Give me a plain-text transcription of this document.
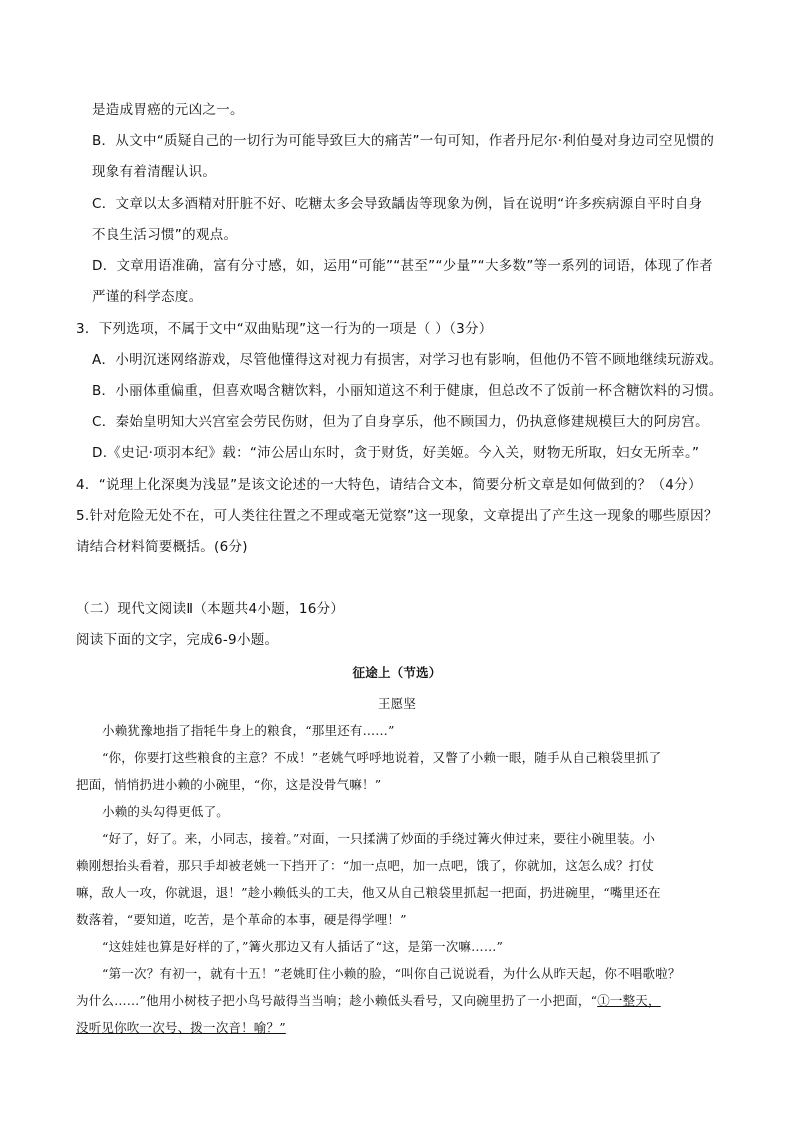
是造成胃癌的元凶之一。
B．从文中“质疑自己的一切行为可能导致巨大的痛苦”一句可知，作者丹尼尔·利伯曼对身边司空见惯的
现象有着清醒认识。
C．文章以太多酒精对肝脏不好、吃糖太多会导致龋齿等现象为例，旨在说明“许多疾病源自平时自身
不良生活习惯”的观点。
D．文章用语准确，富有分寸感，如，运用“可能”“甚至”“少量”“大多数”等一系列的词语，体现了作者
严谨的科学态度。
3．下列选项，不属于文中“双曲贴现”这一行为的一项是（ ）（3分）
A．小明沉迷网络游戏，尽管他懂得这对视力有损害，对学习也有影响，但他仍不管不顾地继续玩游戏。
B．小丽体重偏重，但喜欢喝含糖饮料，小丽知道这不利于健康，但总改不了饭前一杯含糖饮料的习惯。
C．秦始皇明知大兴宫室会劳民伤财，但为了自身享乐，他不顾国力，仍执意修建规模巨大的阿房宫。
D.《史记·项羽本纪》载：“沛公居山东时，贪于财货，好美姬。今入关，财物无所取，妇女无所幸。”
4．“说理上化深奥为浅显”是该文论述的一大特色，请结合文本，简要分析文章是如何做到的？（4分）
5.针对危险无处不在，可人类往往置之不理或毫无觉察”这一现象，文章提出了产生这一现象的哪些原因？
请结合材料简要概括。(6分)
（二）现代文阅读Ⅱ（本题共4小题，16分）
阅读下面的文字，完成6-9小题。
征途上（节选）
王愿坚
小赖犹豫地指了指牦牛身上的粮食，“那里还有……”
“你，你要打这些粮食的主意？不成！”老姚气呼呼地说着，又瞥了小赖一眼，随手从自己粮袋里抓了
把面，悄悄扔进小赖的小碗里，“你，这是没骨气嘛！”
小赖的头勾得更低了。
“好了，好了。来，小同志，接着。”对面，一只揉满了炒面的手绕过篝火伸过来，要往小碗里装。小
赖刚想抬头看着，那只手却被老姚一下挡开了：“加一点吧，加一点吧，饿了，你就加，这怎么成？打仗
嘛，敌人一攻，你就退，退！”趁小赖低头的工夫，他又从自己粮袋里抓起一把面，扔进碗里，“嘴里还在
数落着，“要知道，吃苦，是个革命的本事，硬是得学哩！”
“这娃娃也算是好样的了，”篝火那边又有人插话了“这，是第一次嘛……”
“第一次？有初一，就有十五！”老姚盯住小赖的脸，“叫你自己说说看，为什么从昨天起，你不唱歌啦？
为什么……”他用小树枝子把小鸟号敲得当当响；趁小赖低头看号，又向碗里扔了一小把面，“①一整天，
没听见你吹一次号、拨一次音！喻？”
